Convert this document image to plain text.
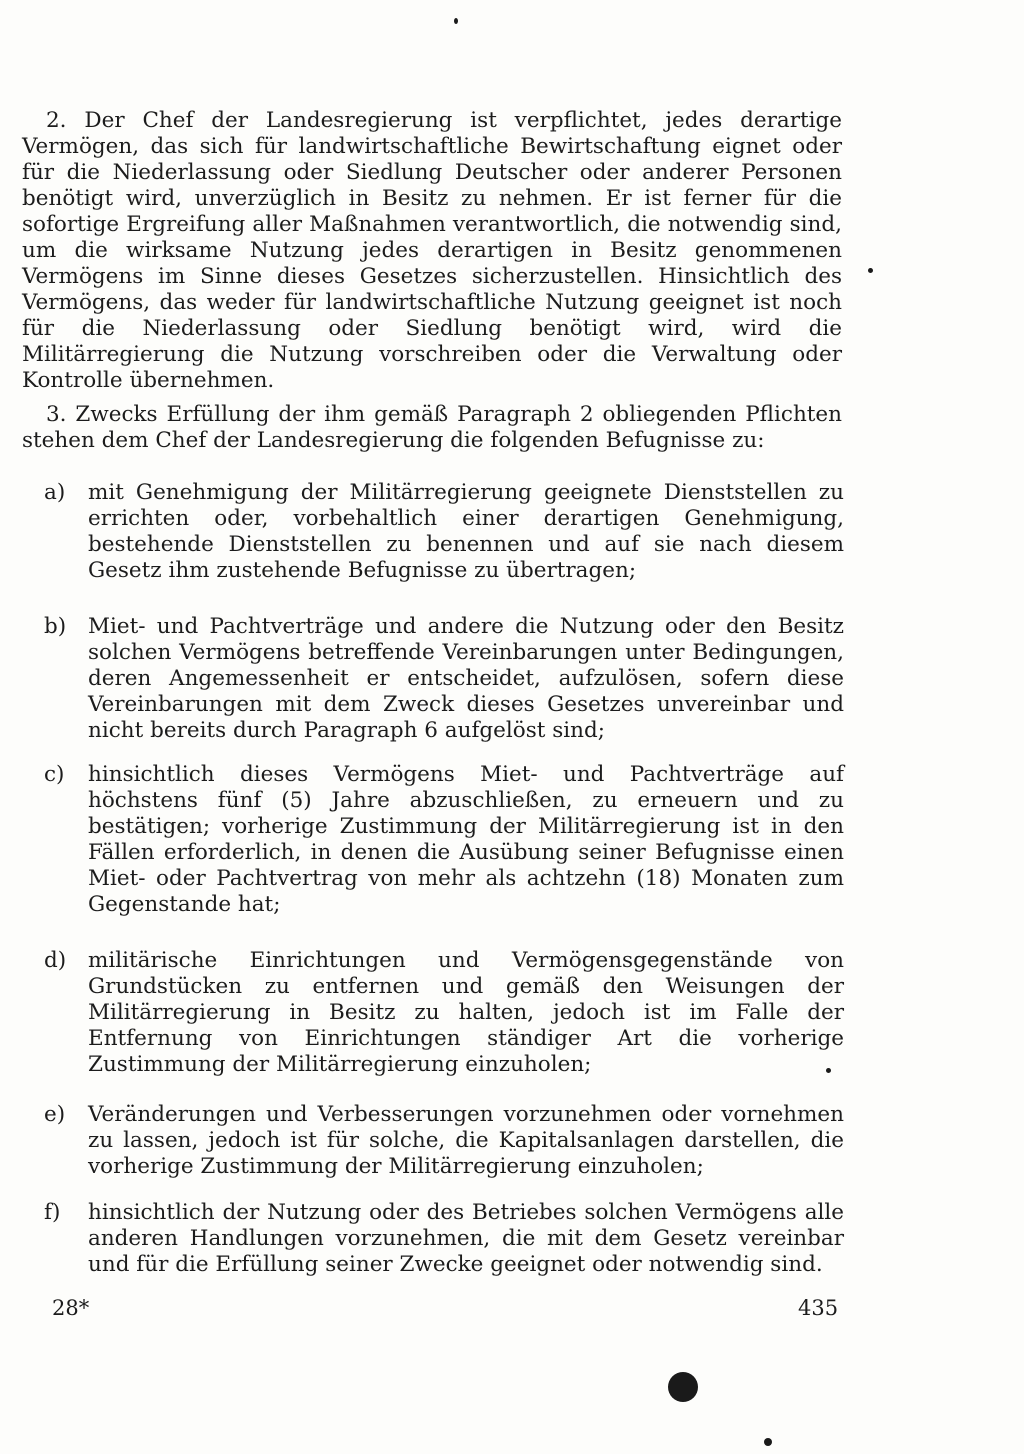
2. Der Chef der Landesregierung ist verpflichtet, jedes derartige Vermögen, das sich für landwirtschaftliche Bewirtschaftung eignet oder für die Niederlassung oder Siedlung Deutscher oder anderer Personen benötigt wird, unverzüglich in Besitz zu nehmen. Er ist ferner für die sofortige Ergreifung aller Maßnahmen verantwortlich, die notwendig sind, um die wirksame Nutzung jedes derartigen in Besitz genommenen Vermögens im Sinne dieses Gesetzes sicherzustellen. Hinsichtlich des Vermögens, das weder für landwirtschaftliche Nutzung geeignet ist noch für die Niederlassung oder Siedlung benötigt wird, wird die Militärregierung die Nutzung vorschreiben oder die Verwaltung oder Kontrolle übernehmen.

3. Zwecks Erfüllung der ihm gemäß Paragraph 2 obliegenden Pflichten stehen dem Chef der Landesregierung die folgenden Befugnisse zu:

a)	mit Genehmigung der Militärregierung geeignete Dienststellen zu errichten oder, vorbehaltlich einer derartigen Genehmigung, bestehende Dienststellen zu benennen und auf sie nach diesem Gesetz ihm zustehende Befugnisse zu übertragen;
b)	Miet- und Pachtverträge und andere die Nutzung oder den Besitz solchen Vermögens betreffende Vereinbarungen unter Bedingungen, deren Angemessenheit er entscheidet, aufzulösen, sofern diese Vereinbarungen mit dem Zweck dieses Gesetzes unvereinbar und nicht bereits durch Paragraph 6 aufgelöst sind;
c)	hinsichtlich dieses Vermögens Miet- und Pachtverträge auf höchstens fünf (5) Jahre abzuschließen, zu erneuern und zu bestätigen; vorherige Zustimmung der Militärregierung ist in den Fällen erforderlich, in denen die Ausübung seiner Befugnisse einen Miet- oder Pachtvertrag von mehr als achtzehn (18) Monaten zum Gegenstande hat;
d)	militärische Einrichtungen und Vermögensgegenstände von Grundstücken zu entfernen und gemäß den Weisungen der Militärregierung in Besitz zu halten, jedoch ist im Falle der Entfernung von Einrichtungen ständiger Art die vorherige Zustimmung der Militärregierung einzuholen;
e)	Veränderungen und Verbesserungen vorzunehmen oder vornehmen zu lassen, jedoch ist für solche, die Kapitalsanlagen darstellen, die vorherige Zustimmung der Militärregierung einzuholen;
f)	hinsichtlich der Nutzung oder des Betriebes solchen Vermögens alle anderen Handlungen vorzunehmen, die mit dem Gesetz vereinbar und für die Erfüllung seiner Zwecke geeignet oder notwendig sind.
28*	435
